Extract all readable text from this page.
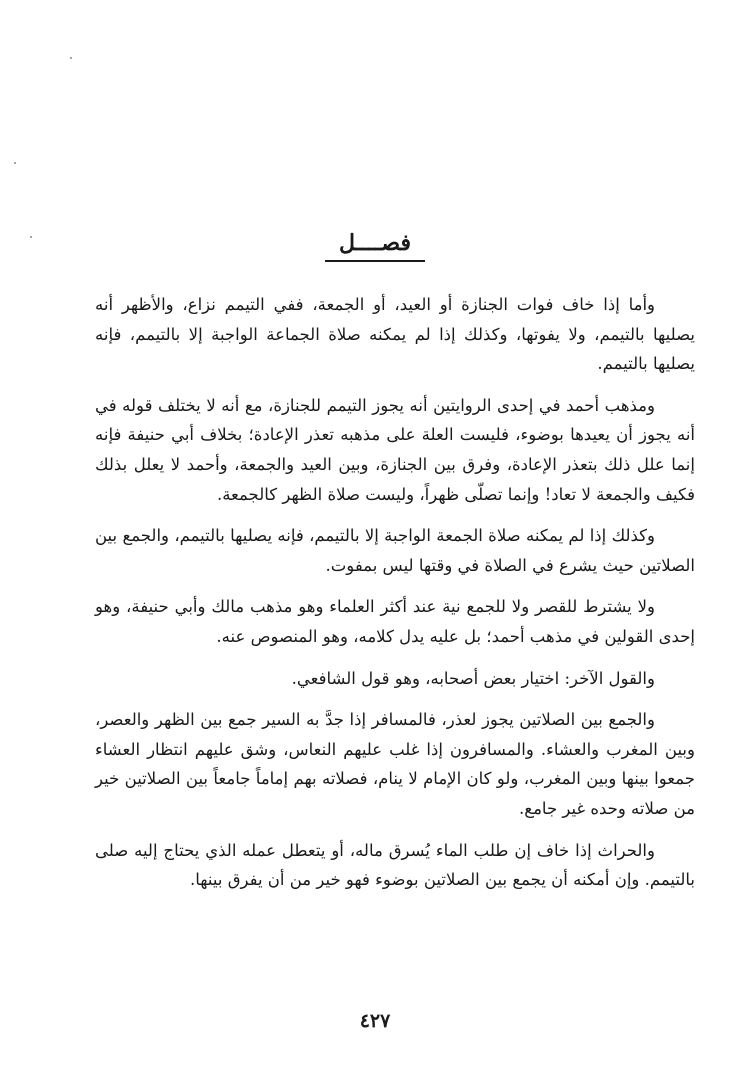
فصــــل

وأما إذا خاف فوات الجنازة أو العيد، أو الجمعة، ففي التيمم نزاع، والأظهر أنه يصليها بالتيمم، ولا يفوتها، وكذلك إذا لم يمكنه صلاة الجماعة الواجبة إلا بالتيمم، فإنه يصليها بالتيمم.

ومذهب أحمد في إحدى الروايتين أنه يجوز التيمم للجنازة، مع أنه لا يختلف قوله في أنه يجوز أن يعيدها بوضوء، فليست العلة على مذهبه تعذر الإعادة؛ بخلاف أبي حنيفة فإنه إنما علل ذلك بتعذر الإعادة، وفرق بين الجنازة، وبين العيد والجمعة، وأحمد لا يعلل بذلك فكيف والجمعة لا تعاد! وإنما تصلّى ظهراً، وليست صلاة الظهر كالجمعة.

وكذلك إذا لم يمكنه صلاة الجمعة الواجبة إلا بالتيمم، فإنه يصليها بالتيمم، والجمع بين الصلاتين حيث يشرع في الصلاة في وقتها ليس بمفوت.

ولا يشترط للقصر ولا للجمع نية عند أكثر العلماء وهو مذهب مالك وأبي حنيفة، وهو إحدى القولين في مذهب أحمد؛ بل عليه يدل كلامه، وهو المنصوص عنه.

والقول الآخر: اختيار بعض أصحابه، وهو قول الشافعي.

والجمع بين الصلاتين يجوز لعذر، فالمسافر إذا جدَّ به السير جمع بين الظهر والعصر، وبين المغرب والعشاء. والمسافرون إذا غلب عليهم النعاس، وشق عليهم انتظار العشاء جمعوا بينها وبين المغرب، ولو كان الإمام لا ينام، فصلاته بهم إماماً جامعاً بين الصلاتين خير من صلاته وحده غير جامع.

والحراث إذا خاف إن طلب الماء يُسرق ماله، أو يتعطل عمله الذي يحتاج إليه صلى بالتيمم. وإن أمكنه أن يجمع بين الصلاتين بوضوء فهو خير من أن يفرق بينها.

٤٢٧
